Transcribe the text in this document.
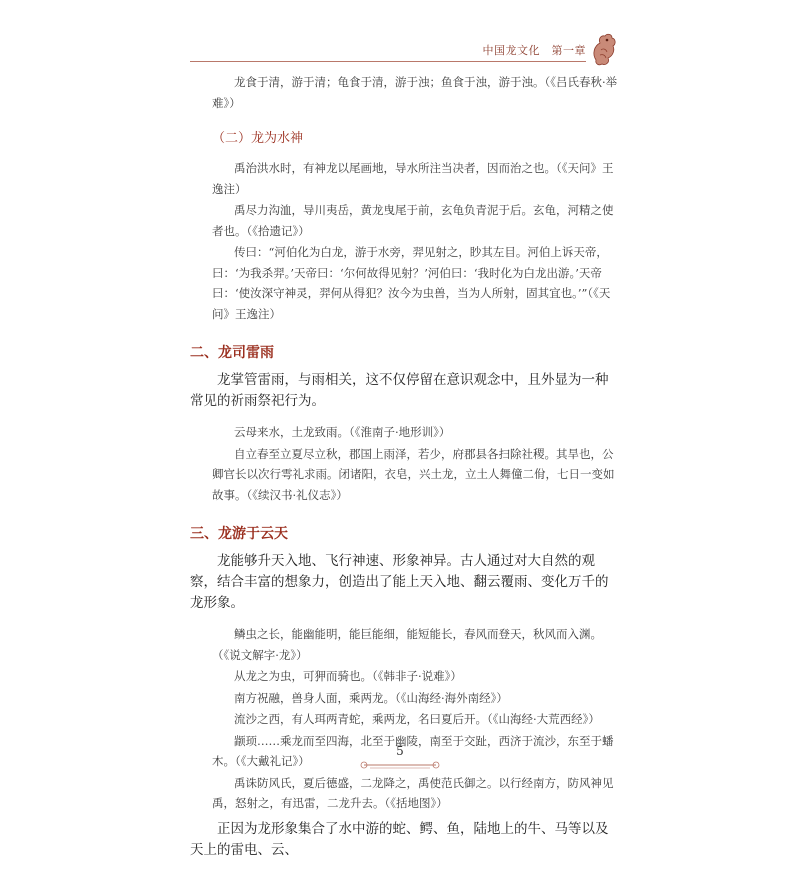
中国龙文化　第一章

龙食于清，游于清；龟食于清，游于浊；鱼食于浊，游于浊。（《吕氏春秋·举难》）

（二）龙为水神

禹治洪水时，有神龙以尾画地，导水所注当决者，因而治之也。（《天问》王逸注）

禹尽力沟洫，导川夷岳，黄龙曳尾于前，玄龟负青泥于后。玄龟，河精之使者也。（《拾遗记》）

传曰：“河伯化为白龙，游于水旁，羿见射之，眇其左目。河伯上诉天帝，曰：‘为我杀羿。’天帝曰：‘尔何故得见射？’河伯曰：‘我时化为白龙出游。’天帝曰：‘使汝深守神灵，羿何从得犯？汝今为虫兽，当为人所射，固其宜也。’”（《天问》王逸注）

二、龙司雷雨

龙掌管雷雨，与雨相关，这不仅停留在意识观念中，且外显为一种常见的祈雨祭祀行为。

云母来水，土龙致雨。（《淮南子·地形训》）

自立春至立夏尽立秋，郡国上雨泽，若少，府郡县各扫除社稷。其旱也，公卿官长以次行雩礼求雨。闭诸阳，衣皂，兴土龙，立土人舞僮二佾，七日一变如故事。（《续汉书·礼仪志》）

三、龙游于云天

龙能够升天入地、飞行神速、形象神异。古人通过对大自然的观察，结合丰富的想象力，创造出了能上天入地、翻云覆雨、变化万千的龙形象。

鳞虫之长，能幽能明，能巨能细，能短能长，春风而登天，秋风而入渊。（《说文解字·龙》）

从龙之为虫，可狎而骑也。（《韩非子·说难》）

南方祝融，兽身人面，乘两龙。（《山海经·海外南经》）

流沙之西，有人珥两青蛇，乘两龙，名曰夏后开。（《山海经·大荒西经》）

颛顼……乘龙而至四海，北至于幽陵，南至于交趾，西济于流沙，东至于蟠木。（《大戴礼记》）

禹诛防风氏，夏后德盛，二龙降之，禹使范氏御之。以行经南方，防风神见禹，怒射之，有迅雷，二龙升去。（《括地图》）

正因为龙形象集合了水中游的蛇、鳄、鱼，陆地上的牛、马等以及天上的雷电、云、

5
